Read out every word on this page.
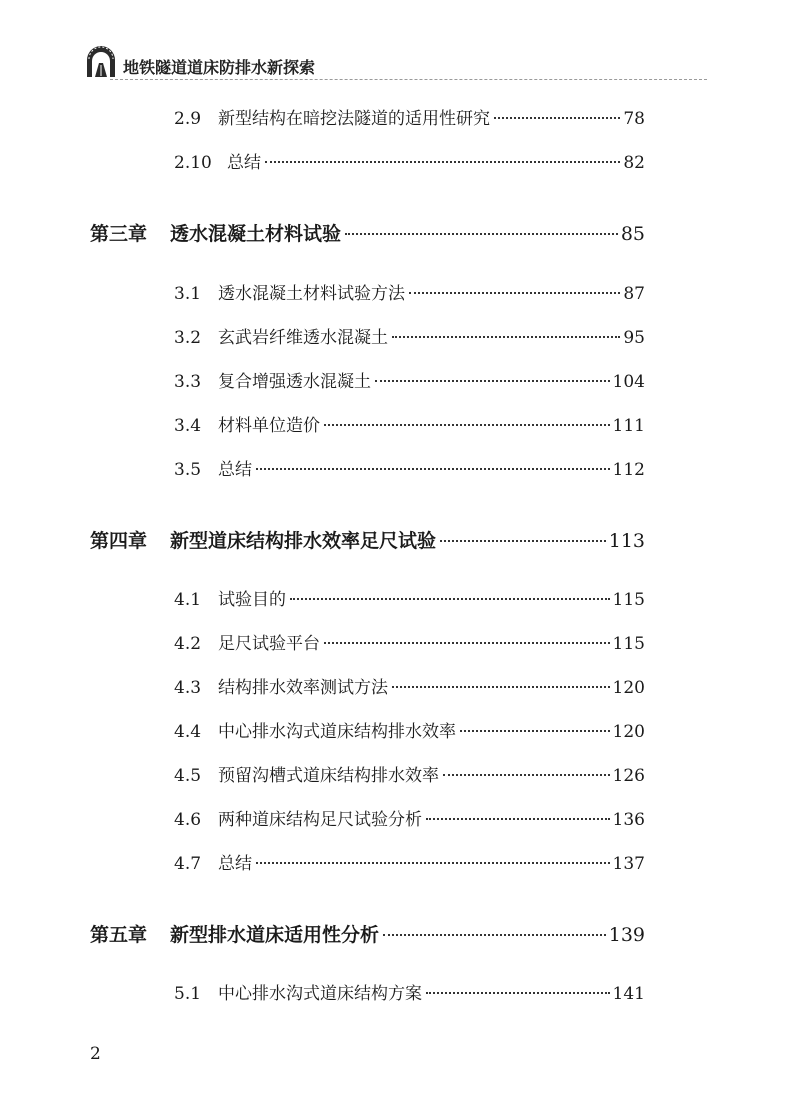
地铁隧道道床防排水新探索
2.9 新型结构在暗挖法隧道的适用性研究	78
2.10 总结	82
第三章	透水混凝土材料试验	85
3.1 透水混凝土材料试验方法	87
3.2 玄武岩纤维透水混凝土	95
3.3 复合增强透水混凝土	104
3.4 材料单位造价	111
3.5 总结	112
第四章	新型道床结构排水效率足尺试验	113
4.1 试验目的	115
4.2 足尺试验平台	115
4.3 结构排水效率测试方法	120
4.4 中心排水沟式道床结构排水效率	120
4.5 预留沟槽式道床结构排水效率	126
4.6 两种道床结构足尺试验分析	136
4.7 总结	137
第五章	新型排水道床适用性分析	139
5.1 中心排水沟式道床结构方案	141
2
